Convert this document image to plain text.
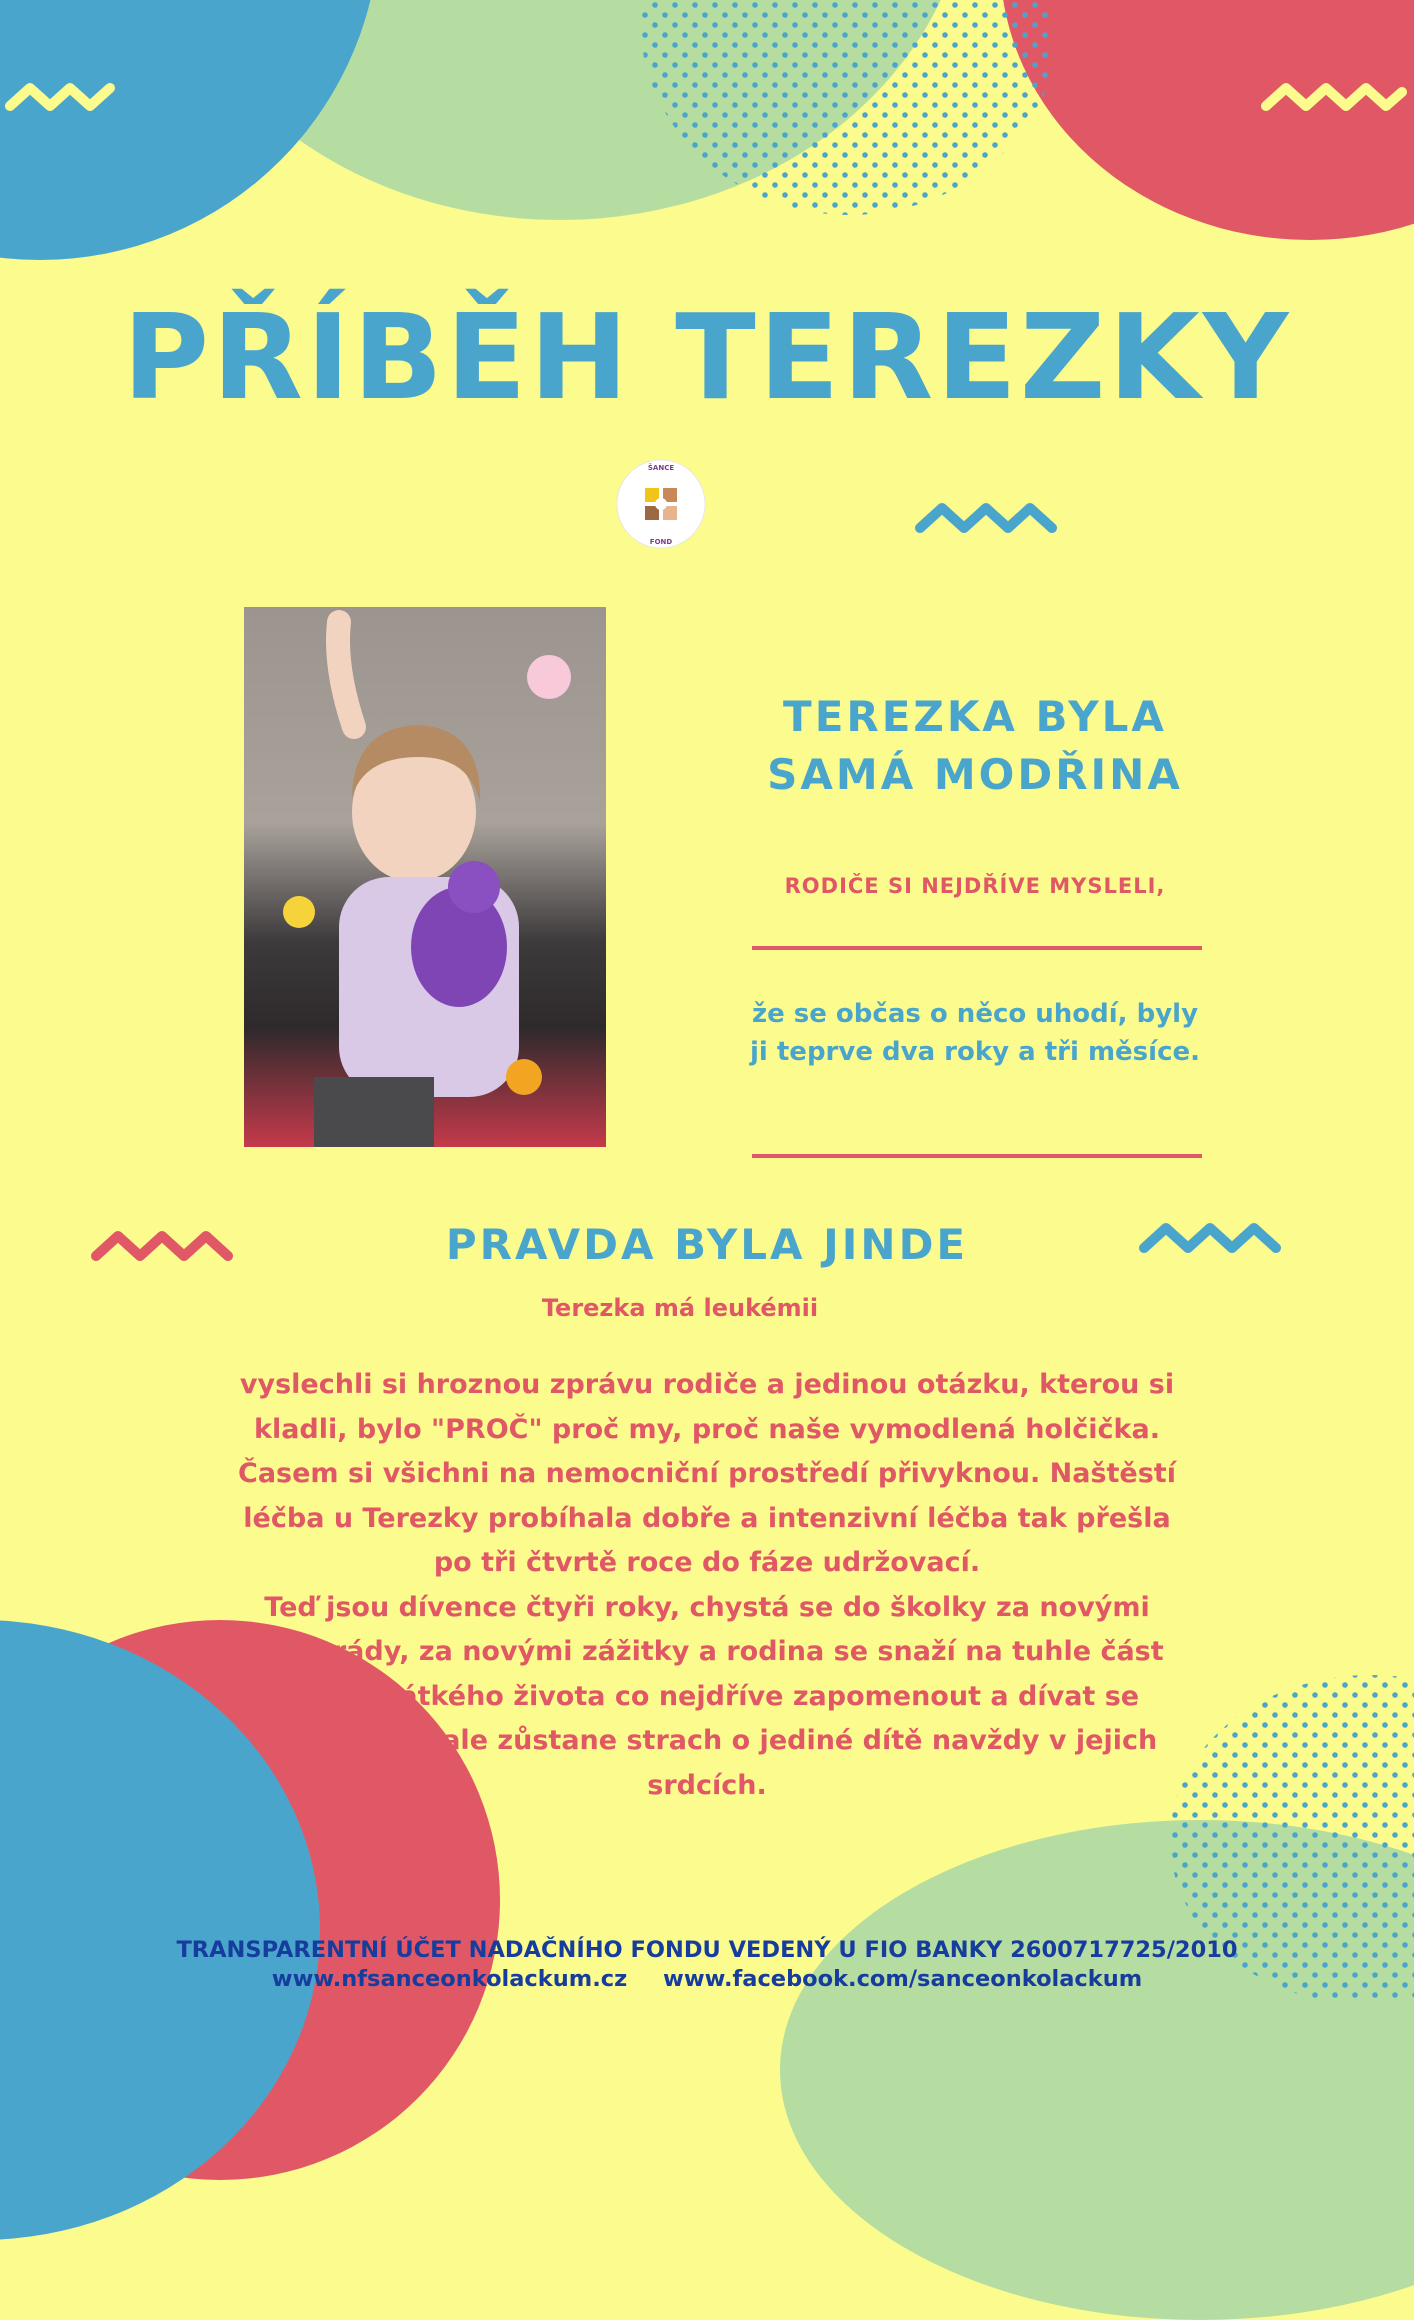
PŘÍBĚH TEREZKY
ŠANCE
FOND
TEREZKA BYLA
SAMÁ MODŘINA
RODIČE SI NEJDŘÍVE MYSLELI,
že se občas o něco uhodí, byly ji teprve dva roky a tři měsíce.
PRAVDA BYLA JINDE
Terezka má leukémii
vyslechli si hroznou zprávu rodiče a jedinou otázku, kterou si
kladli, bylo "PROČ" proč my, proč naše vymodlená holčička.
Časem si všichni na nemocniční prostředí přivyknou. Naštěstí
léčba u Terezky probíhala dobře a intenzivní léčba tak přešla
po tři čtvrtě roce do fáze udržovací.
Teď jsou dívence čtyři roky, chystá se do školky za novými
kamarády, za novými zážitky a rodina se snaží na tuhle část
jejího krátkého života co nejdříve zapomenout a dívat se
vpřed. I tak ale zůstane strach o jediné dítě navždy v jejich
srdcích.
TRANSPARENTNÍ ÚČET NADAČNÍHO FONDU VEDENÝ U FIO BANKY 2600717725/2010
www.nfsanceonkolackum.cz www.facebook.com/sanceonkolackum
